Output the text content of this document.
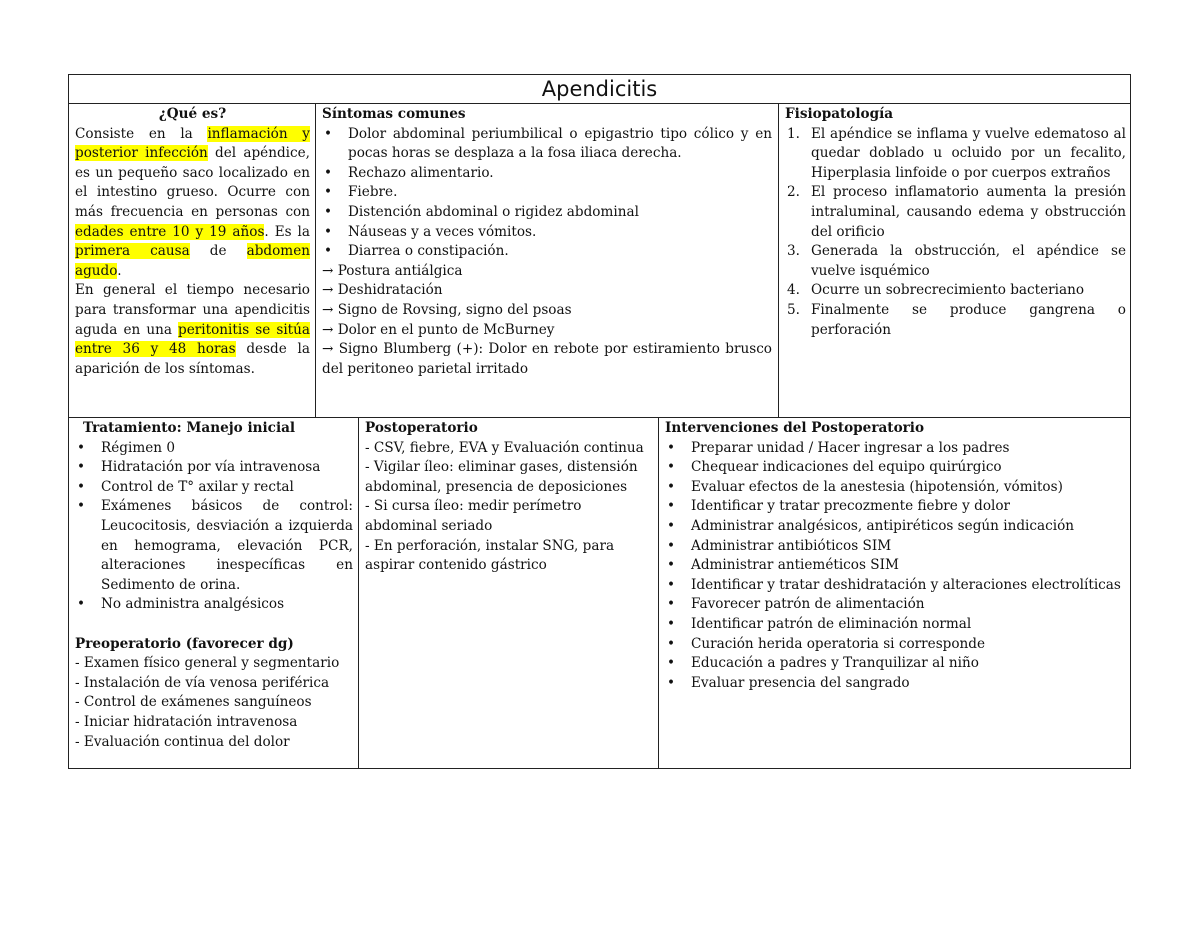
Apendicitis
¿Qué es?
Consiste en la inflamación y posterior infección del apéndice, es un pequeño saco localizado en el intestino grueso. Ocurre con más frecuencia en personas con edades entre 10 y 19 años. Es la primera causa de abdomen agudo.
En general el tiempo necesario para transformar una apendicitis aguda en una peritonitis se sitúa entre 36 y 48 horas desde la aparición de los síntomas.
Síntomas comunes
• Dolor abdominal periumbilical o epigastrio tipo cólico y en pocas horas se desplaza a la fosa iliaca derecha.
• Rechazo alimentario.
• Fiebre.
• Distención abdominal o rigidez abdominal
• Náuseas y a veces vómitos.
• Diarrea o constipación.
→ Postura antiálgica
→ Deshidratación
→ Signo de Rovsing, signo del psoas
→ Dolor en el punto de McBurney
→ Signo Blumberg (+): Dolor en rebote por estiramiento brusco del peritoneo parietal irritado
Fisiopatología
1. El apéndice se inflama y vuelve edematoso al quedar doblado u ocluido por un fecalito, Hiperplasia linfoide o por cuerpos extraños
2. El proceso inflamatorio aumenta la presión intraluminal, causando edema y obstrucción del orificio
3. Generada la obstrucción, el apéndice se vuelve isquémico
4. Ocurre un sobrecrecimiento bacteriano
5. Finalmente se produce gangrena o perforación
Tratamiento: Manejo inicial
• Régimen 0
• Hidratación por vía intravenosa
• Control de T° axilar y rectal
• Exámenes básicos de control: Leucocitosis, desviación a izquierda en hemograma, elevación PCR, alteraciones inespecíficas en Sedimento de orina.
• No administra analgésicos
Preoperatorio (favorecer dg)
- Examen físico general y segmentario
- Instalación de vía venosa periférica
- Control de exámenes sanguíneos
- Iniciar hidratación intravenosa
- Evaluación continua del dolor
Postoperatorio
- CSV, fiebre, EVA y Evaluación continua
- Vigilar íleo: eliminar gases, distensión abdominal, presencia de deposiciones
- Si cursa íleo: medir perímetro abdominal seriado
- En perforación, instalar SNG, para aspirar contenido gástrico
Intervenciones del Postoperatorio
• Preparar unidad / Hacer ingresar a los padres
• Chequear indicaciones del equipo quirúrgico
• Evaluar efectos de la anestesia (hipotensión, vómitos)
• Identificar y tratar precozmente fiebre y dolor
• Administrar analgésicos, antipiréticos según indicación
• Administrar antibióticos SIM
• Administrar antieméticos SIM
• Identificar y tratar deshidratación y alteraciones electrolíticas
• Favorecer patrón de alimentación
• Identificar patrón de eliminación normal
• Curación herida operatoria si corresponde
• Educación a padres y Tranquilizar al niño
• Evaluar presencia del sangrado
